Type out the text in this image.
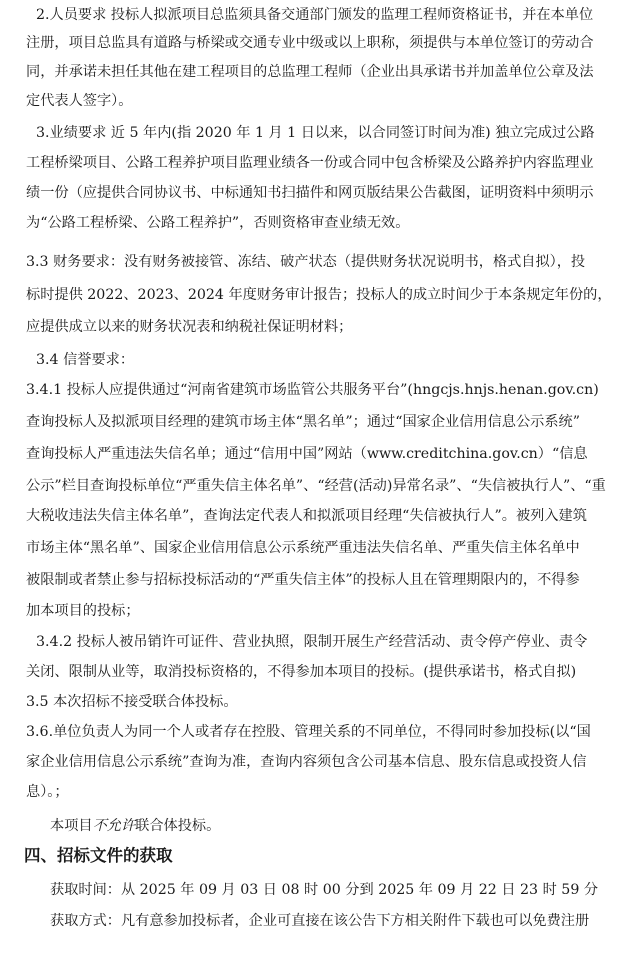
2.人员要求 投标人拟派项目总监须具备交通部门颁发的监理工程师资格证书，并在本单位
注册，项目总监具有道路与桥梁或交通专业中级或以上职称，须提供与本单位签订的劳动合
同，并承诺未担任其他在建工程项目的总监理工程师（企业出具承诺书并加盖单位公章及法
定代表人签字）。
3.业绩要求 近 5 年内(指 2020 年 1 月 1 日以来，以合同签订时间为准) 独立完成过公路
工程桥梁项目、公路工程养护项目监理业绩各一份或合同中包含桥梁及公路养护内容监理业
绩一份（应提供合同协议书、中标通知书扫描件和网页版结果公告截图，证明资料中须明示
为“公路工程桥梁、公路工程养护”，否则资格审查业绩无效。
3.3 财务要求：没有财务被接管、冻结、破产状态（提供财务状况说明书，格式自拟），投
标时提供 2022、2023、2024 年度财务审计报告；投标人的成立时间少于本条规定年份的，
应提供成立以来的财务状况表和纳税社保证明材料；
3.4 信誉要求：
3.4.1 投标人应提供通过“河南省建筑市场监管公共服务平台”(hngcjs.hnjs.henan.gov.cn)
查询投标人及拟派项目经理的建筑市场主体“黑名单”；通过“国家企业信用信息公示系统”
查询投标人严重违法失信名单；通过“信用中国”网站（www.creditchina.gov.cn）“信息
公示”栏目查询投标单位“严重失信主体名单”、“经营(活动)异常名录”、“失信被执行人”、“重
大税收违法失信主体名单”，查询法定代表人和拟派项目经理“失信被执行人”。被列入建筑
市场主体“黑名单”、国家企业信用信息公示系统严重违法失信名单、严重失信主体名单中
被限制或者禁止参与招标投标活动的“严重失信主体”的投标人且在管理期限内的，不得参
加本项目的投标；
3.4.2 投标人被吊销许可证件、营业执照，限制开展生产经营活动、责令停产停业、责令
关闭、限制从业等，取消投标资格的，不得参加本项目的投标。(提供承诺书，格式自拟)
3.5 本次招标不接受联合体投标。
3.6.单位负责人为同一个人或者存在控股、管理关系的不同单位，不得同时参加投标(以“国
家企业信用信息公示系统”查询为准，查询内容须包含公司基本信息、股东信息或投资人信
息）。；
本项目不允许联合体投标。
四、招标文件的获取
获取时间：从 2025 年 09 月 03 日 08 时 00 分到 2025 年 09 月 22 日 23 时 59 分
获取方式：凡有意参加投标者，企业可直接在该公告下方相关附件下载也可以免费注册
